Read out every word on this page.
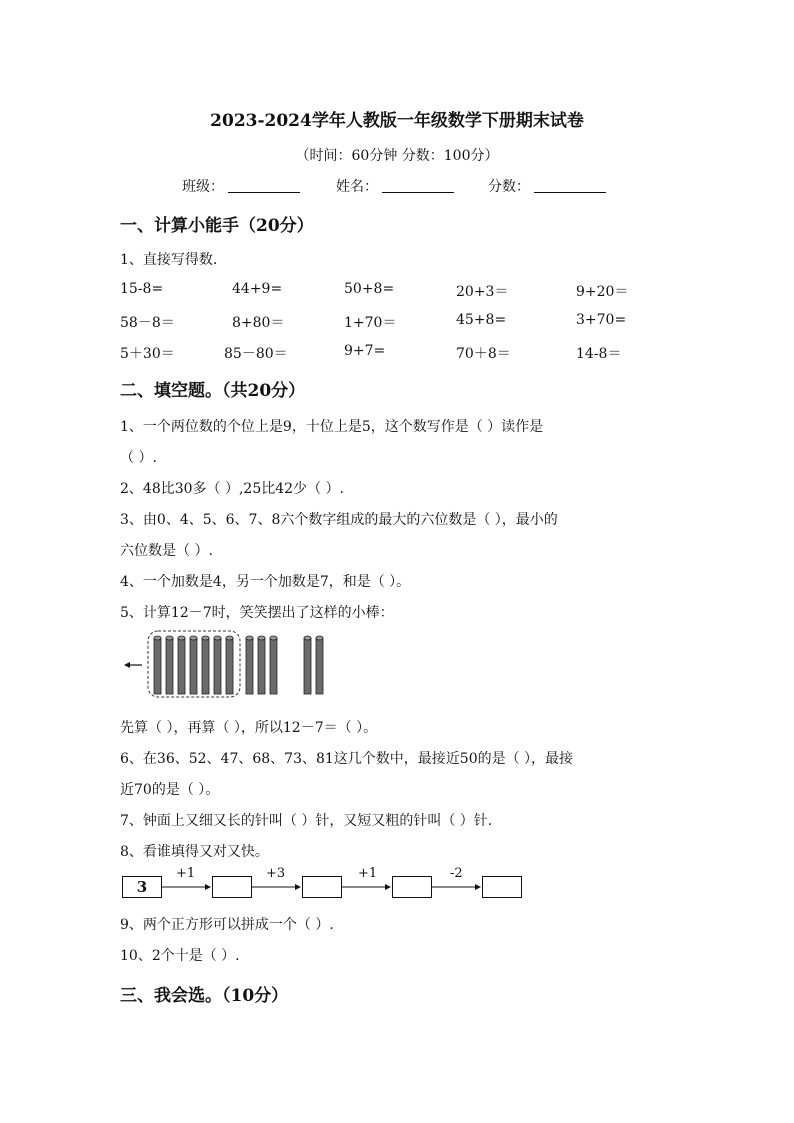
2023-2024学年人教版一年级数学下册期末试卷
（时间：60分钟 分数：100分）
班级：	姓名：	分数：
一、计算小能手（20分）
1、直接写得数.
15-8=	44+9=	50+8=	20+3＝	9+20＝
58－8＝	8+80＝	1+70＝	45+8=	3+70=
5＋30＝	85－80＝	9+7=	70＋8＝	14-8＝
二、填空题。（共20分）
1、一个两位数的个位上是9，十位上是5，这个数写作是（ ）读作是
（ ）.
2、48比30多（ ）,25比42少（ ）.
3、由0、4、5、6、7、8六个数字组成的最大的六位数是（ ），最小的
六位数是（ ）.
4、一个加数是4，另一个加数是7，和是（ ）。
5、计算12－7时，笑笑摆出了这样的小棒：
先算（ ），再算（ ），所以12－7＝（ ）。
6、在36、52、47、68、73、81这几个数中，最接近50的是（ ），最接
近70的是（ ）。
7、钟面上又细又长的针叫（ ）针，又短又粗的针叫（ ）针.
8、看谁填得又对又快。
3
+1	+3	+1	-2
9、两个正方形可以拼成一个（ ）.
10、2个十是（ ）.
三、我会选。（10分）
